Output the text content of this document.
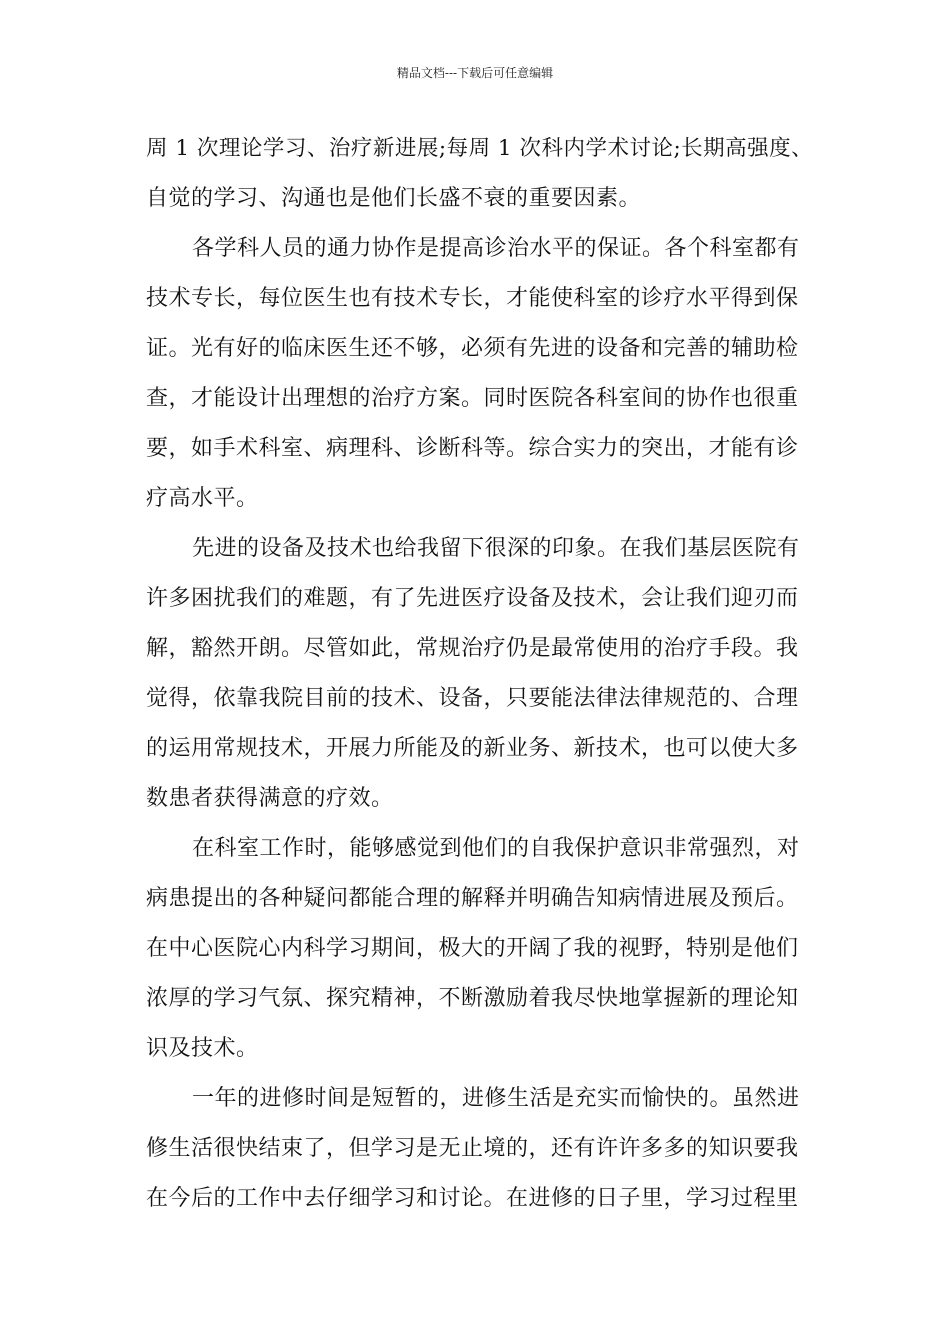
精品文档---下载后可任意编辑
周 1 次理论学习、治疗新进展;每周 1 次科内学术讨论;长期高强度、
自觉的学习、沟通也是他们长盛不衰的重要因素。
各学科人员的通力协作是提高诊治水平的保证。各个科室都有
技术专长，每位医生也有技术专长，才能使科室的诊疗水平得到保
证。光有好的临床医生还不够，必须有先进的设备和完善的辅助检
查，才能设计出理想的治疗方案。同时医院各科室间的协作也很重
要，如手术科室、病理科、诊断科等。综合实力的突出，才能有诊
疗高水平。
先进的设备及技术也给我留下很深的印象。在我们基层医院有
许多困扰我们的难题，有了先进医疗设备及技术，会让我们迎刃而
解，豁然开朗。尽管如此，常规治疗仍是最常使用的治疗手段。我
觉得，依靠我院目前的技术、设备，只要能法律法律规范的、合理
的运用常规技术，开展力所能及的新业务、新技术，也可以使大多
数患者获得满意的疗效。
在科室工作时，能够感觉到他们的自我保护意识非常强烈，对
病患提出的各种疑问都能合理的解释并明确告知病情进展及预后。
在中心医院心内科学习期间，极大的开阔了我的视野，特别是他们
浓厚的学习气氛、探究精神，不断激励着我尽快地掌握新的理论知
识及技术。
一年的进修时间是短暂的，进修生活是充实而愉快的。虽然进
修生活很快结束了，但学习是无止境的，还有许许多多的知识要我
在今后的工作中去仔细学习和讨论。在进修的日子里，学习过程里
